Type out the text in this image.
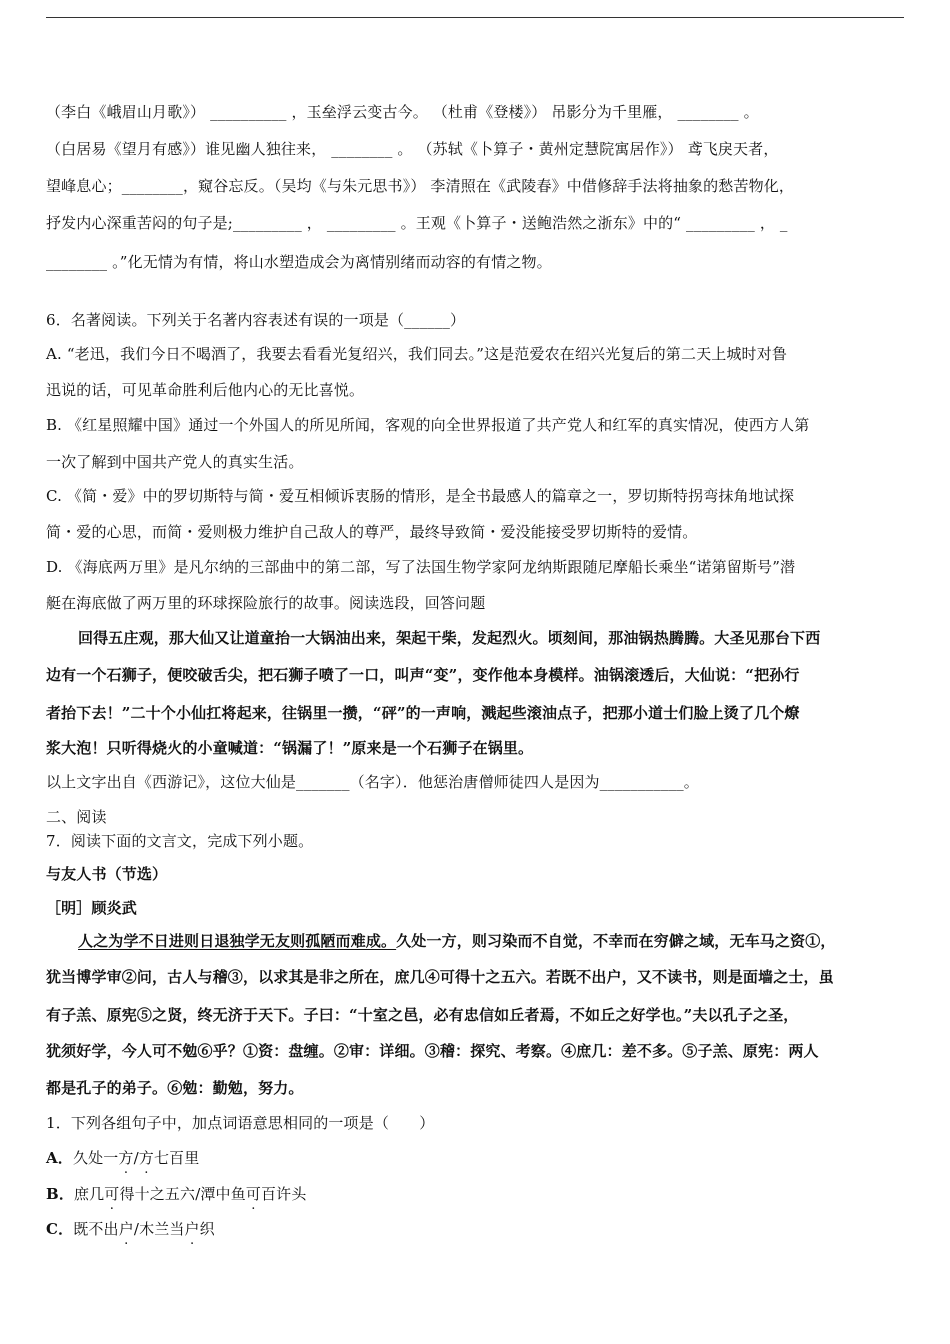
（李白《峨眉山月歌》） __________ ，玉垒浮云变古今。 （杜甫《登楼》） 吊影分为千里雁， ________ 。
（白居易《望月有感》）谁见幽人独往来， ________ 。 （苏轼《卜算子・黄州定慧院寓居作》） 鸢飞戾天者，
望峰息心；________，窥谷忘反。（吴均《与朱元思书》） 李清照在《武陵春》中借修辞手法将抽象的愁苦物化，
抒发内心深重苦闷的句子是;_________ ， _________ 。王观《卜算子・送鲍浩然之浙东》中的“ _________ ， _
________ 。”化无情为有情，将山水塑造成会为离情别绪而动容的有情之物。
6．名著阅读。下列关于名著内容表述有误的一项是（______）
A. “老迅，我们今日不喝酒了，我要去看看光复绍兴，我们同去。”这是范爱农在绍兴光复后的第二天上城时对鲁
迅说的话，可见革命胜利后他内心的无比喜悦。
B. 《红星照耀中国》通过一个外国人的所见所闻，客观的向全世界报道了共产党人和红军的真实情况，使西方人第
一次了解到中国共产党人的真实生活。
C. 《简・爱》中的罗切斯特与简・爱互相倾诉衷肠的情形，是全书最感人的篇章之一，罗切斯特拐弯抹角地试探
简・爱的心思，而简・爱则极力维护自己敌人的尊严，最终导致简・爱没能接受罗切斯特的爱情。
D. 《海底两万里》是凡尔纳的三部曲中的第二部，写了法国生物学家阿龙纳斯跟随尼摩船长乘坐“诺第留斯号”潜
艇在海底做了两万里的环球探险旅行的故事。阅读选段，回答问题
回得五庄观，那大仙又让道童抬一大锅油出来，架起干柴，发起烈火。顷刻间，那油锅热腾腾。大圣见那台下西
边有一个石狮子，便咬破舌尖，把石狮子喷了一口，叫声“变”，变作他本身模样。油锅滚透后，大仙说：“把孙行
者抬下去！”二十个小仙扛将起来，往锅里一攒，“砰”的一声响，溅起些滚油点子，把那小道士们脸上烫了几个燎
浆大泡！只听得烧火的小童喊道：“锅漏了！”原来是一个石狮子在锅里。
以上文字出自《西游记》，这位大仙是_______（名字）．他惩治唐僧师徒四人是因为___________。
二、阅读
7．阅读下面的文言文，完成下列小题。
与友人书（节选）
［明］顾炎武
人之为学不日进则日退独学无友则孤陋而难成。久处一方，则习染而不自觉，不幸而在穷僻之域，无车马之资①，
犹当博学审②问，古人与稽③，以求其是非之所在，庶几④可得十之五六。若既不出户，又不读书，则是面墙之士，虽
有子羔、原宪⑤之贤，终无济于天下。子曰：“十室之邑，必有忠信如丘者焉，不如丘之好学也。”夫以孔子之圣，
犹须好学，今人可不勉⑥乎？①资：盘缠。②审：详细。③稽：探究、考察。④庶几：差不多。⑤子羔、原宪：两人
都是孔子的弟子。⑥勉：勤勉，努力。
1．下列各组句子中，加点词语意思相同的一项是（　　）
A．久处一方/方七百里
B．庶几可得十之五六/潭中鱼可百许头
C．既不出户/木兰当户织
